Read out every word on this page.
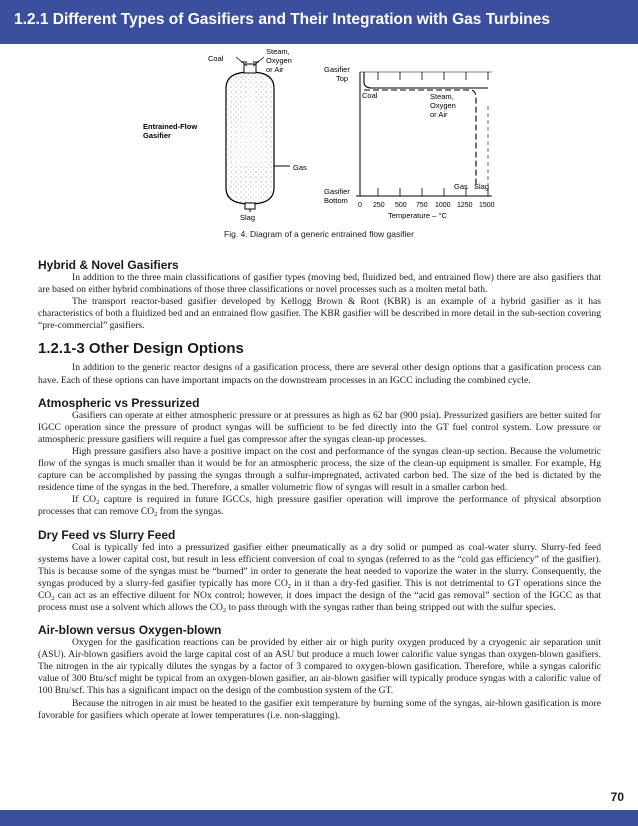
1.2.1 Different Types of Gasifiers and Their Integration with Gas Turbines
Coal
Steam,
Oxygen
or Air
Entrained-Flow
Gasifier
Gas
Slag
Gasifier
Top
Gasifier
Bottom
Coal	Steam,
Oxygen
or Air
Gas Slag
0 250 500 750 1000 1250 1500
Temperature – °C
Fig. 4. Diagram of a generic entrained flow gasifier
Hybrid & Novel Gasifiers

In addition to the three main classifications of gasifier types (moving bed, fluidized bed, and entrained flow) there are also gasifiers that are based on either hybrid combinations of those three classifications or novel processes such as a molten metal bath.

The transport reactor-based gasifier developed by Kellogg Brown & Root (KBR) is an example of a hybrid gasifier as it has characteristics of both a fluidized bed and an entrained flow gasifier. The KBR gasifier will be described in more detail in the sub-section covering “pre-commercial” gasifiers.

1.2.1-3 Other Design Options

In addition to the generic reactor designs of a gasification process, there are several other design options that a gasification process can have. Each of these options can have important impacts on the downstream processes in an IGCC including the combined cycle.

Atmospheric vs Pressurized

Gasifiers can operate at either atmospheric pressure or at pressures as high as 62 bar (900 psia). Pressurized gasifiers are better suited for IGCC operation since the pressure of product syngas will be sufficient to be fed directly into the GT fuel control system. Low pressure or atmospheric pressure gasifiers will require a fuel gas compressor after the syngas clean-up processes.

High pressure gasifiers also have a positive impact on the cost and performance of the syngas clean-up section. Because the volumetric flow of the syngas is much smaller than it would be for an atmospheric process, the size of the clean-up equipment is smaller. For example, Hg capture can be accomplished by passing the syngas through a sulfur-impregnated, activated carbon bed. The size of the bed is dictated by the residence time of the syngas in the bed. Therefore, a smaller volumetric flow of syngas will result in a smaller carbon bed.

If $CO_2$ capture is required in future IGCCs, high pressure gasifier operation will improve the performance of physical absorption processes that can remove $CO_2$ from the syngas.

Dry Feed vs Slurry Feed

Coal is typically fed into a pressurized gasifier either pneumatically as a dry solid or pumped as coal-water slurry. Slurry-fed feed systems have a lower capital cost, but result in less efficient conversion of coal to syngas (referred to as the “cold gas efficiency” of the gasifier). This is because some of the syngas must be “burned” in order to generate the heat needed to vaporize the water in the slurry. Consequently, the syngas produced by a slurry-fed gasifier typically has more $CO_2$ in it than a dry-fed gasifier. This is not detrimental to GT operations since the $CO_2$ can act as an effective diluent for NOx control; however, it does impact the design of the “acid gas removal” section of the IGCC as that process must use a solvent which allows the $CO_2$ to pass through with the syngas rather than being stripped out with the sulfur species.

Air-blown versus Oxygen-blown

Oxygen for the gasification reactions can be provided by either air or high purity oxygen produced by a cryogenic air separation unit (ASU). Air-blown gasifiers avoid the large capital cost of an ASU but produce a much lower calorific value syngas than oxygen-blown gasifiers. The nitrogen in the air typically dilutes the syngas by a factor of 3 compared to oxygen-blown gasification. Therefore, while a syngas calorific value of 300 Btu/scf might be typical from an oxygen-blown gasifier, an air-blown gasifier will typically produce syngas with a calorific value of 100 Btu/scf. This has a significant impact on the design of the combustion system of the GT.

Because the nitrogen in air must be heated to the gasifier exit temperature by burning some of the syngas, air-blown gasification is more favorable for gasifiers which operate at lower temperatures (i.e. non-slagging).

70
